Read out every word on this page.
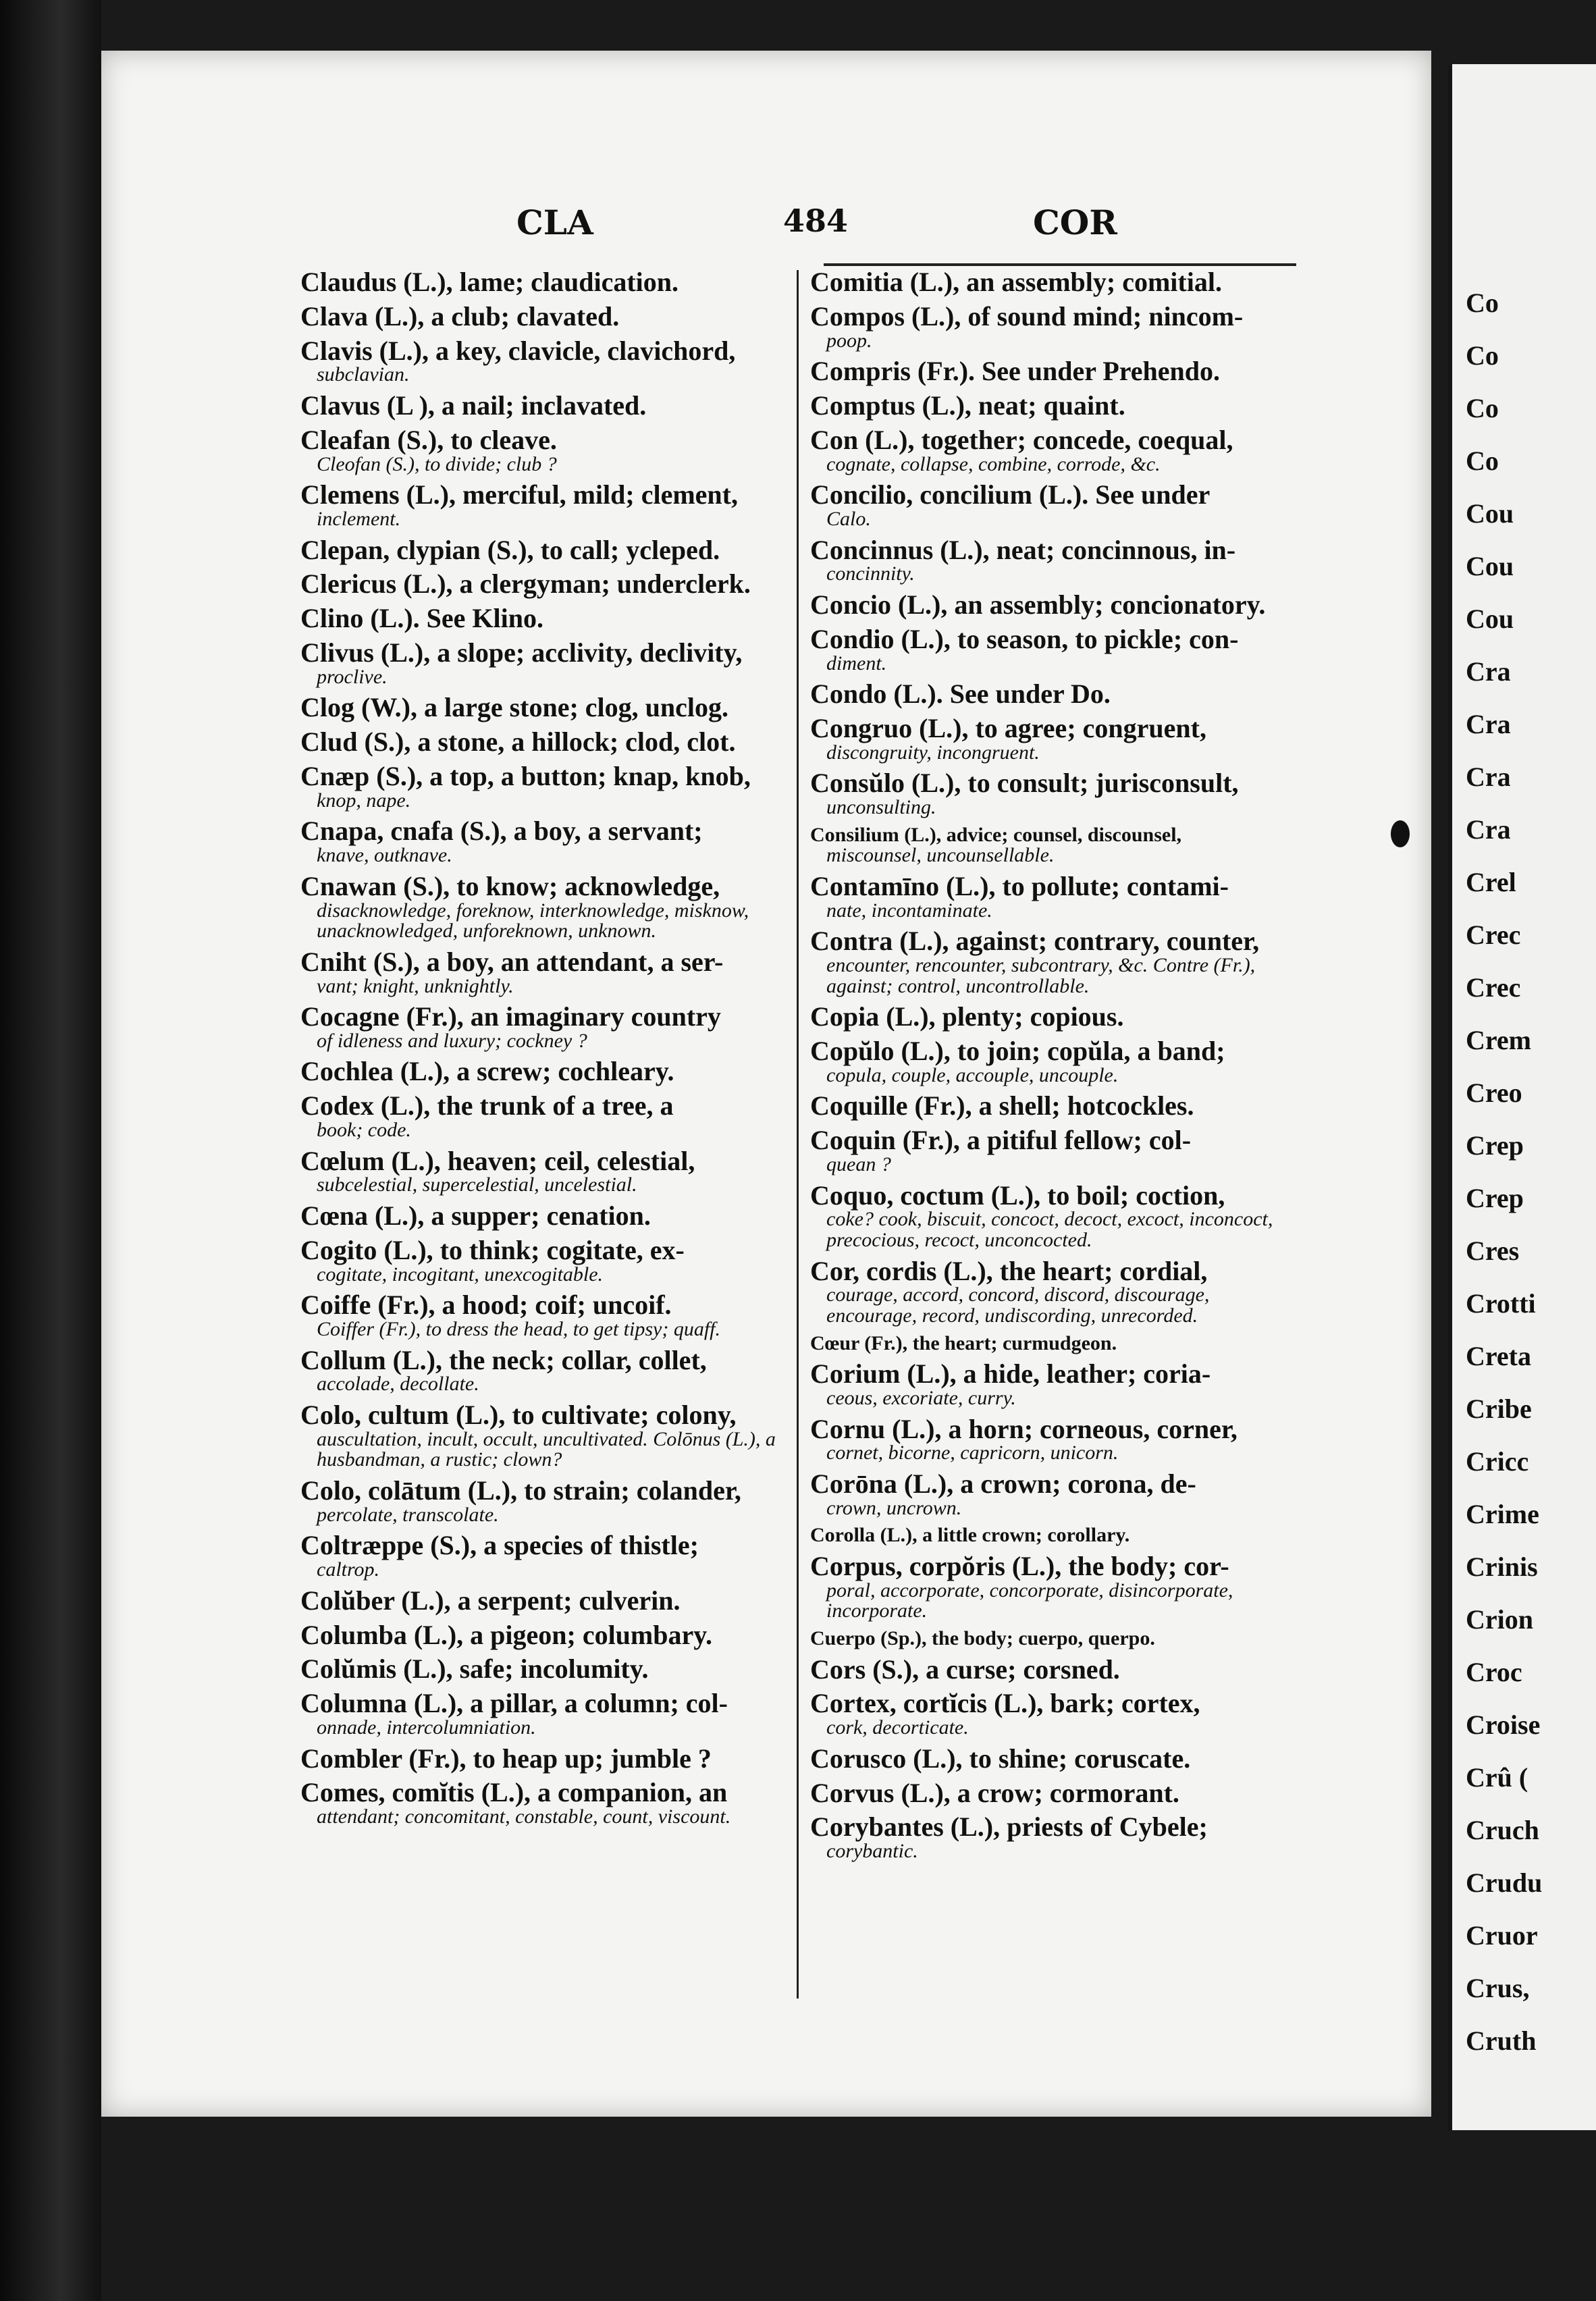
Co
Co
Co
Co
Cou
Cou
Cou
Cra
Cra
Cra
Cra
Crel
Crec
Crec
Crem
Creo
Crep
Crep
Cres
Crotti
Creta
Cribe
Cricc
Crime
Crinis
Crion
Croc
Croise
Crû (
Cruch
Crudu
Cruor
Crus,
Cruth
CLA	484	COR
Claudus (L.), lame; claudication.
Clava (L.), a club; clavated.
Clavis (L.), a key, clavicle, clavichord,
subclavian.
Clavus (L ), a nail; inclavated.
Cleafan (S.), to cleave.
Cleofan (S.), to divide; club ?
Clemens (L.), merciful, mild; clement,
inclement.
Clepan, clypian (S.), to call; ycleped.
Clericus (L.), a clergyman; underclerk.
Clino (L.). See Klino.
Clivus (L.), a slope; acclivity, declivity,
proclive.
Clog (W.), a large stone; clog, unclog.
Clud (S.), a stone, a hillock; clod, clot.
Cnæp (S.), a top, a button; knap, knob,
knop, nape.
Cnapa, cnafa (S.), a boy, a servant;
knave, outknave.
Cnawan (S.), to know; acknowledge,
disacknowledge, foreknow, interknowledge, misknow, unacknowledged, unforeknown, unknown.
Cniht (S.), a boy, an attendant, a ser-
vant; knight, unknightly.
Cocagne (Fr.), an imaginary country
of idleness and luxury; cockney ?
Cochlea (L.), a screw; cochleary.
Codex (L.), the trunk of a tree, a
book; code.
Cœlum (L.), heaven; ceil, celestial,
subcelestial, supercelestial, uncelestial.
Cœna (L.), a supper; cenation.
Cogito (L.), to think; cogitate, ex-
cogitate, incogitant, unexcogitable.
Coiffe (Fr.), a hood; coif; uncoif.
Coiffer (Fr.), to dress the head, to get tipsy; quaff.
Collum (L.), the neck; collar, collet,
accolade, decollate.
Colo, cultum (L.), to cultivate; colony,
auscultation, incult, occult, uncultivated. Colōnus (L.), a husbandman, a rustic; clown?
Colo, colātum (L.), to strain; colander,
percolate, transcolate.
Coltræppe (S.), a species of thistle;
caltrop.
Colŭber (L.), a serpent; culverin.
Columba (L.), a pigeon; columbary.
Colŭmis (L.), safe; incolumity.
Columna (L.), a pillar, a column; col-
onnade, intercolumniation.
Combler (Fr.), to heap up; jumble ?
Comes, comĭtis (L.), a companion, an
attendant; concomitant, constable, count, viscount.
Comitia (L.), an assembly; comitial.
Compos (L.), of sound mind; nincom-
poop.
Compris (Fr.). See under Prehendo.
Comptus (L.), neat; quaint.
Con (L.), together; concede, coequal,
cognate, collapse, combine, corrode, &c.
Concilio, concilium (L.). See under
Calo.
Concinnus (L.), neat; concinnous, in-
concinnity.
Concio (L.), an assembly; concionatory.
Condio (L.), to season, to pickle; con-
diment.
Condo (L.). See under Do.
Congruo (L.), to agree; congruent,
discongruity, incongruent.
Consŭlo (L.), to consult; jurisconsult,
unconsulting.
Consilium (L.), advice; counsel, discounsel,
miscounsel, uncounsellable.
Contamīno (L.), to pollute; contami-
nate, incontaminate.
Contra (L.), against; contrary, counter,
encounter, rencounter, subcontrary, &c. Contre (Fr.), against; control, uncontrollable.
Copia (L.), plenty; copious.
Copŭlo (L.), to join; copŭla, a band;
copula, couple, accouple, uncouple.
Coquille (Fr.), a shell; hotcockles.
Coquin (Fr.), a pitiful fellow; col-
quean ?
Coquo, coctum (L.), to boil; coction,
coke? cook, biscuit, concoct, decoct, excoct, inconcoct, precocious, recoct, unconcocted.
Cor, cordis (L.), the heart; cordial,
courage, accord, concord, discord, discourage, encourage, record, undiscording, unrecorded.
Cœur (Fr.), the heart; curmudgeon.
Corium (L.), a hide, leather; coria-
ceous, excoriate, curry.
Cornu (L.), a horn; corneous, corner,
cornet, bicorne, capricorn, unicorn.
Corōna (L.), a crown; corona, de-
crown, uncrown.
Corolla (L.), a little crown; corollary.
Corpus, corpŏris (L.), the body; cor-
poral, accorporate, concorporate, disincorporate, incorporate.
Cuerpo (Sp.), the body; cuerpo, querpo.
Cors (S.), a curse; corsned.
Cortex, cortĭcis (L.), bark; cortex,
cork, decorticate.
Corusco (L.), to shine; coruscate.
Corvus (L.), a crow; cormorant.
Corybantes (L.), priests of Cybele;
corybantic.
